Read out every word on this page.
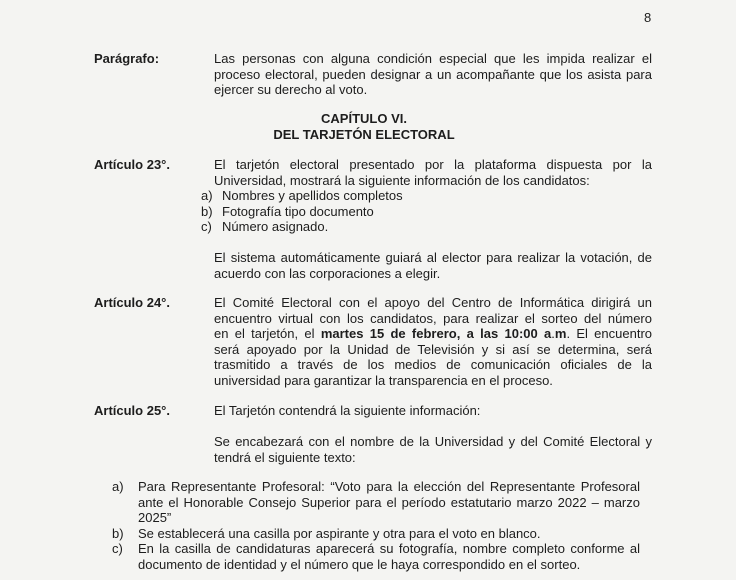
8
Parágrafo:	Las personas con alguna condición especial que les impida realizar el
proceso electoral, pueden designar a un acompañante que los asista para
ejercer su derecho al voto.
CAPÍTULO VI.
DEL TARJETÓN ELECTORAL
Artículo 23°.	El tarjetón electoral presentado por la plataforma dispuesta por la
Universidad, mostrará la siguiente información de los candidatos:
a) Nombres y apellidos completos
b) Fotografía tipo documento
c) Número asignado.
El sistema automáticamente guiará al elector para realizar la votación, de
acuerdo con las corporaciones a elegir.
Artículo 24°.	El Comité Electoral con el apoyo del Centro de Informática dirigirá un
encuentro virtual con los candidatos, para realizar el sorteo del número
en el tarjetón, el martes 15 de febrero, a las 10:00 a.m. El encuentro
será apoyado por la Unidad de Televisión y si así se determina, será
trasmitido a través de los medios de comunicación oficiales de la
universidad para garantizar la transparencia en el proceso.
Artículo 25°.	El Tarjetón contendrá la siguiente información:
Se encabezará con el nombre de la Universidad y del Comité Electoral y
tendrá el siguiente texto:
a)	Para Representante Profesoral: “Voto para la elección del Representante Profesoral
ante el Honorable Consejo Superior para el período estatutario marzo 2022 – marzo
2025”
b)	Se establecerá una casilla por aspirante y otra para el voto en blanco.
c)	En la casilla de candidaturas aparecerá su fotografía, nombre completo conforme al
documento de identidad y el número que le haya correspondido en el sorteo.
